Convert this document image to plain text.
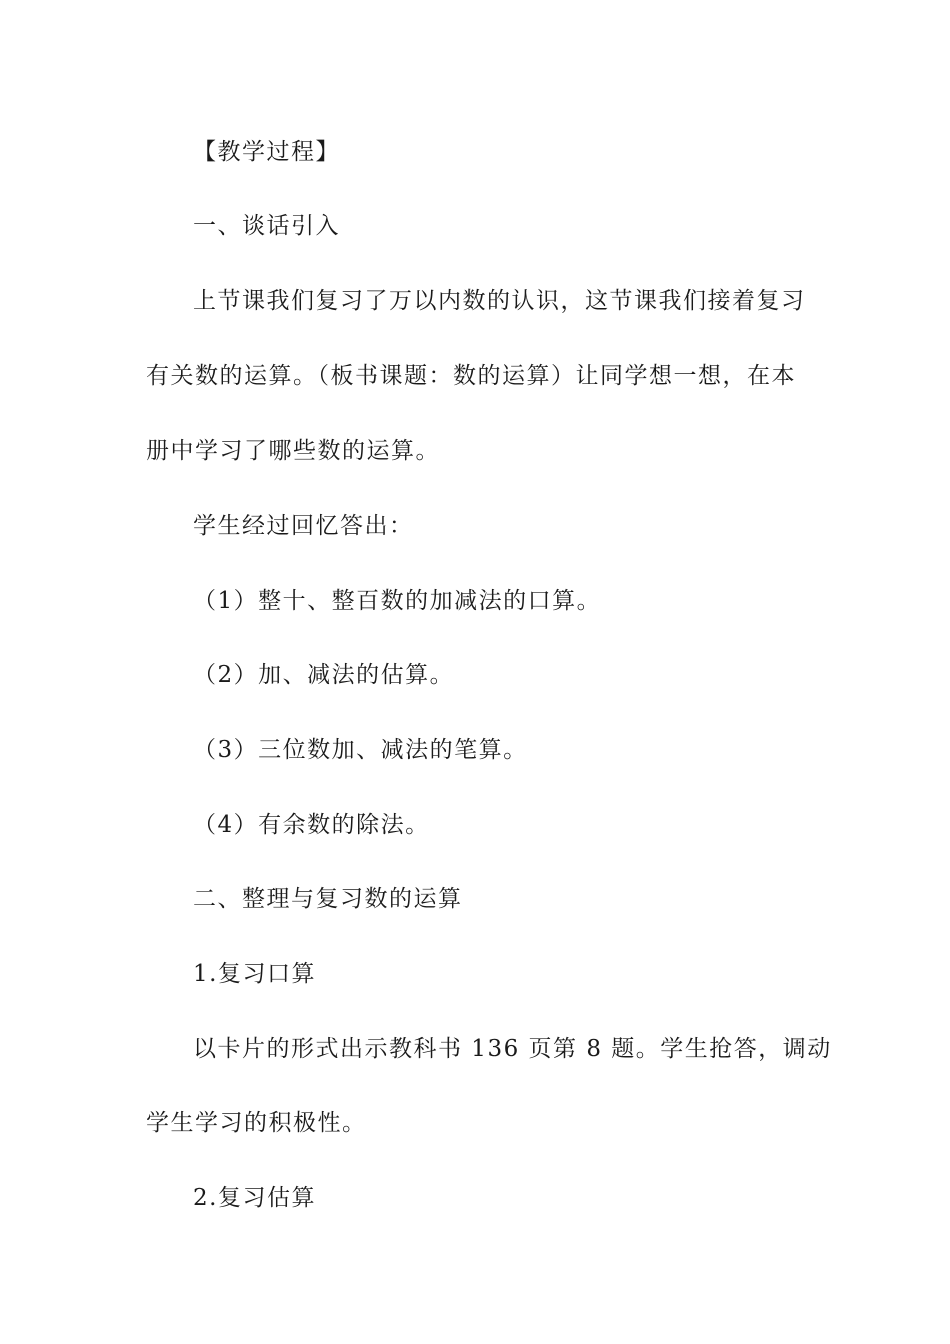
【教学过程】

一、谈话引入

上节课我们复习了万以内数的认识，这节课我们接着复习

有关数的运算。（板书课题：数的运算）让同学想一想，在本

册中学习了哪些数的运算。

学生经过回忆答出：

（1）整十、整百数的加减法的口算。

（2）加、减法的估算。

（3）三位数加、减法的笔算。

（4）有余数的除法。

二、整理与复习数的运算

1.复习口算

以卡片的形式出示教科书 136 页第 8 题。学生抢答，调动

学生学习的积极性。

2.复习估算
